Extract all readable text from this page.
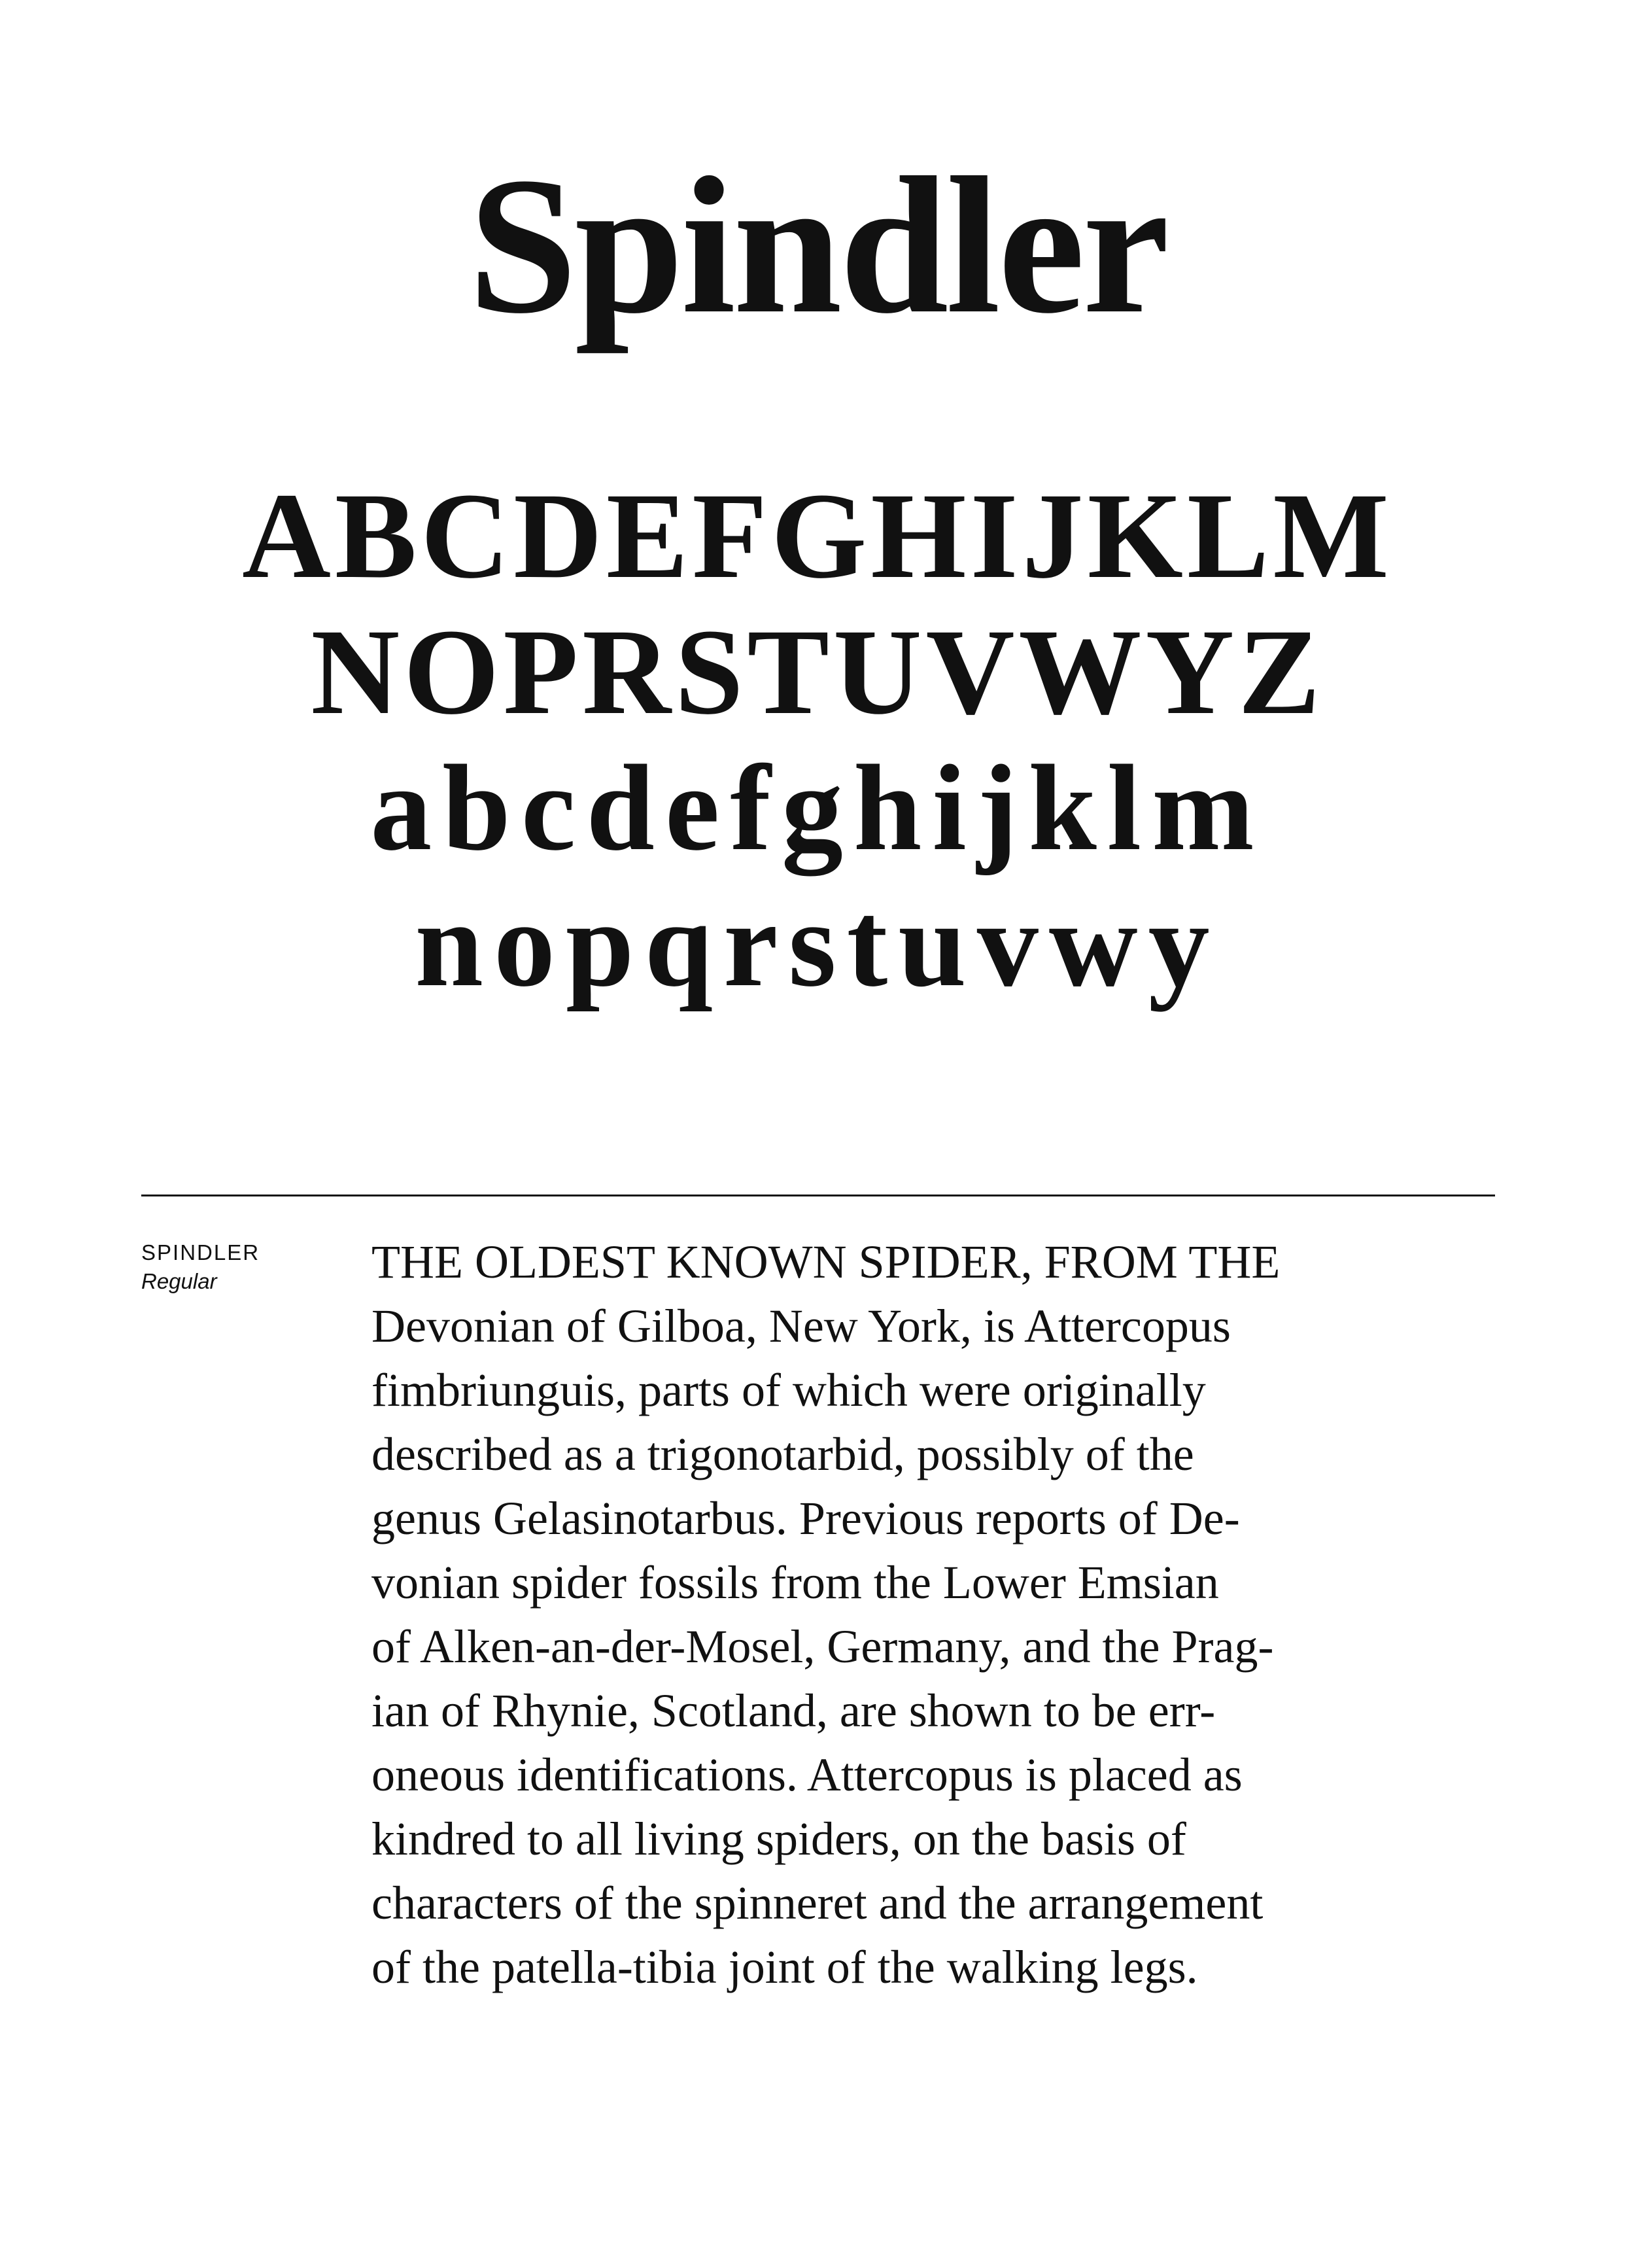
Spindler
ABCDEFGHIJKLM
NOPRSTUVWYZ
abcdefghijklm
nopqrstuvwy
SPINDLER
Regular	THE OLDEST KNOWN SPIDER, FROM THE
Devonian of Gilboa, New York, is Attercopus
fimbriunguis, parts of which were originally
described as a trigonotarbid, possibly of the
genus Gelasinotarbus. Previous reports of De-
vonian spider fossils from the Lower Emsian
of Alken-an-der-Mosel, Germany, and the Prag-
ian of Rhynie, Scotland, are shown to be err-
oneous identifications. Attercopus is placed as
kindred to all living spiders, on the basis of
characters of the spinneret and the arrangement
of the patella-tibia joint of the walking legs.
